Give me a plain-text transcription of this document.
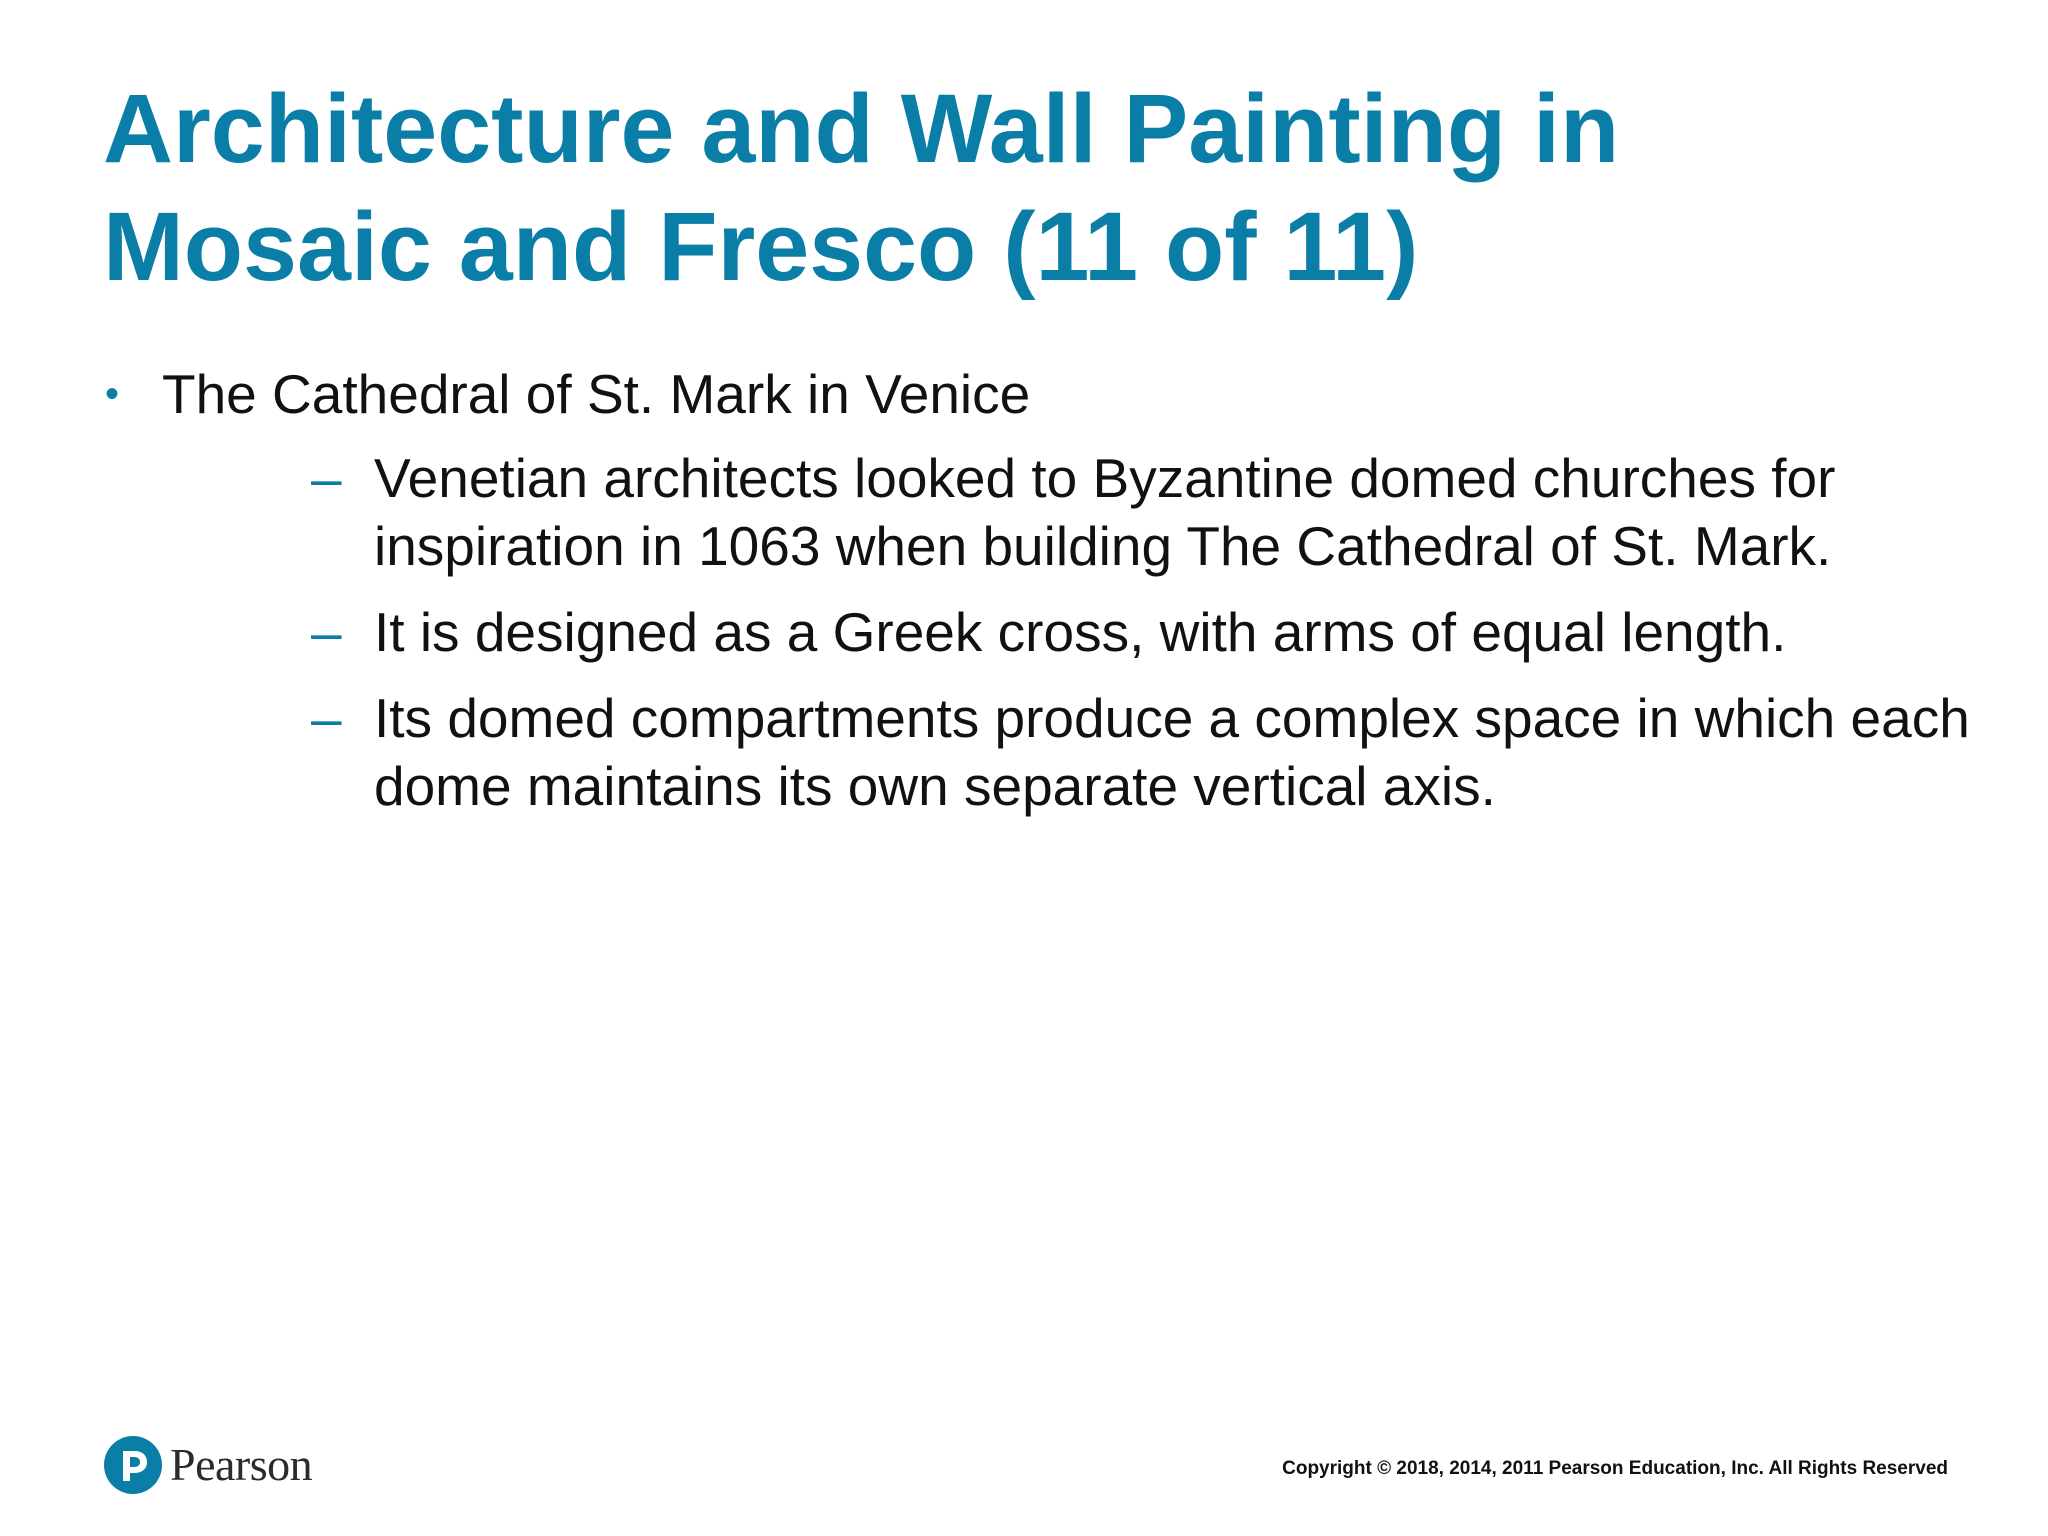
Architecture and Wall Painting in
Mosaic and Fresco (11 of 11)
• The Cathedral of St. Mark in Venice
– Venetian architects looked to Byzantine domed churches for
inspiration in 1063 when building The Cathedral of St. Mark.
– It is designed as a Greek cross, with arms of equal length.
– Its domed compartments produce a complex space in which each
dome maintains its own separate vertical axis.
Pearson	Copyright © 2018, 2014, 2011 Pearson Education, Inc. All Rights Reserved
